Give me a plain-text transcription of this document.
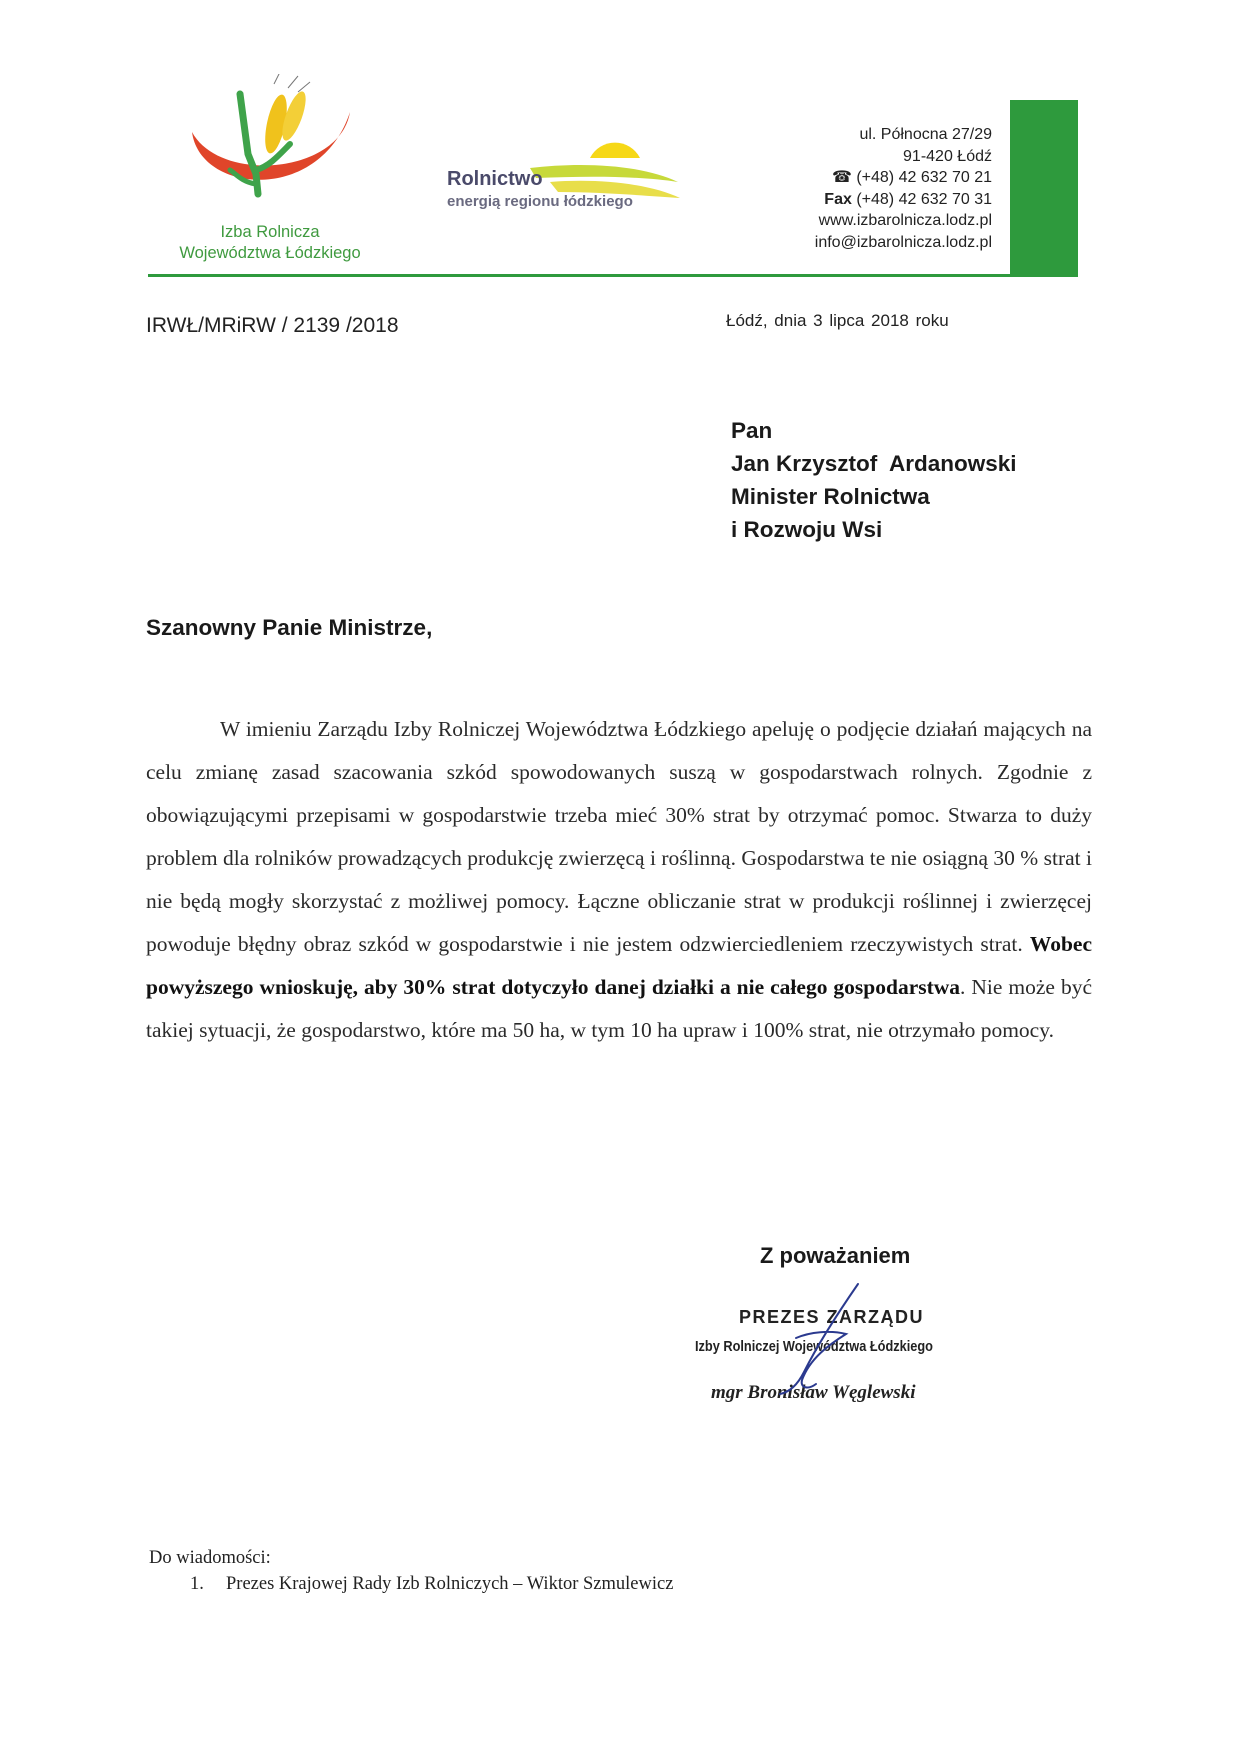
Izba Rolnicza
Województwa Łódzkiego
Rolnictwo
energią regionu łódzkiego
ul. Północna 27/29
91-420 Łódź
☎ (+48) 42 632 70 21
Fax (+48) 42 632 70 31
www.izbarolnicza.lodz.pl
info@izbarolnicza.lodz.pl
IRWŁ/MRiRW / 2139 /2018	Łódź, dnia 3 lipca 2018 roku
Pan
Jan Krzysztof  Ardanowski
Minister Rolnictwa
i Rozwoju Wsi
Szanowny Panie Ministrze,
W imieniu Zarządu Izby Rolniczej Województwa Łódzkiego apeluję o podjęcie działań mających na celu zmianę zasad szacowania szkód spowodowanych suszą w gospodarstwach rolnych. Zgodnie z obowiązującymi przepisami w gospodarstwie trzeba mieć 30% strat by otrzymać pomoc. Stwarza to duży problem dla rolników prowadzących produkcję zwierzęcą i roślinną. Gospodarstwa te nie osiągną 30 % strat i nie będą mogły skorzystać z możliwej pomocy. Łączne obliczanie strat w produkcji roślinnej i zwierzęcej powoduje błędny obraz szkód w gospodarstwie i nie jestem odzwierciedleniem rzeczywistych strat. Wobec powyższego wnioskuję, aby 30% strat dotyczyło danej działki a nie całego gospodarstwa. Nie może być takiej sytuacji, że gospodarstwo, które ma 50 ha, w tym 10 ha upraw i 100% strat, nie otrzymało pomocy.
Z poważaniem
PREZES ZARZĄDU
Izby Rolniczej Województwa Łódzkiego
mgr Bronisław Węglewski
Do wiadomości:
1. Prezes Krajowej Rady Izb Rolniczych – Wiktor Szmulewicz
